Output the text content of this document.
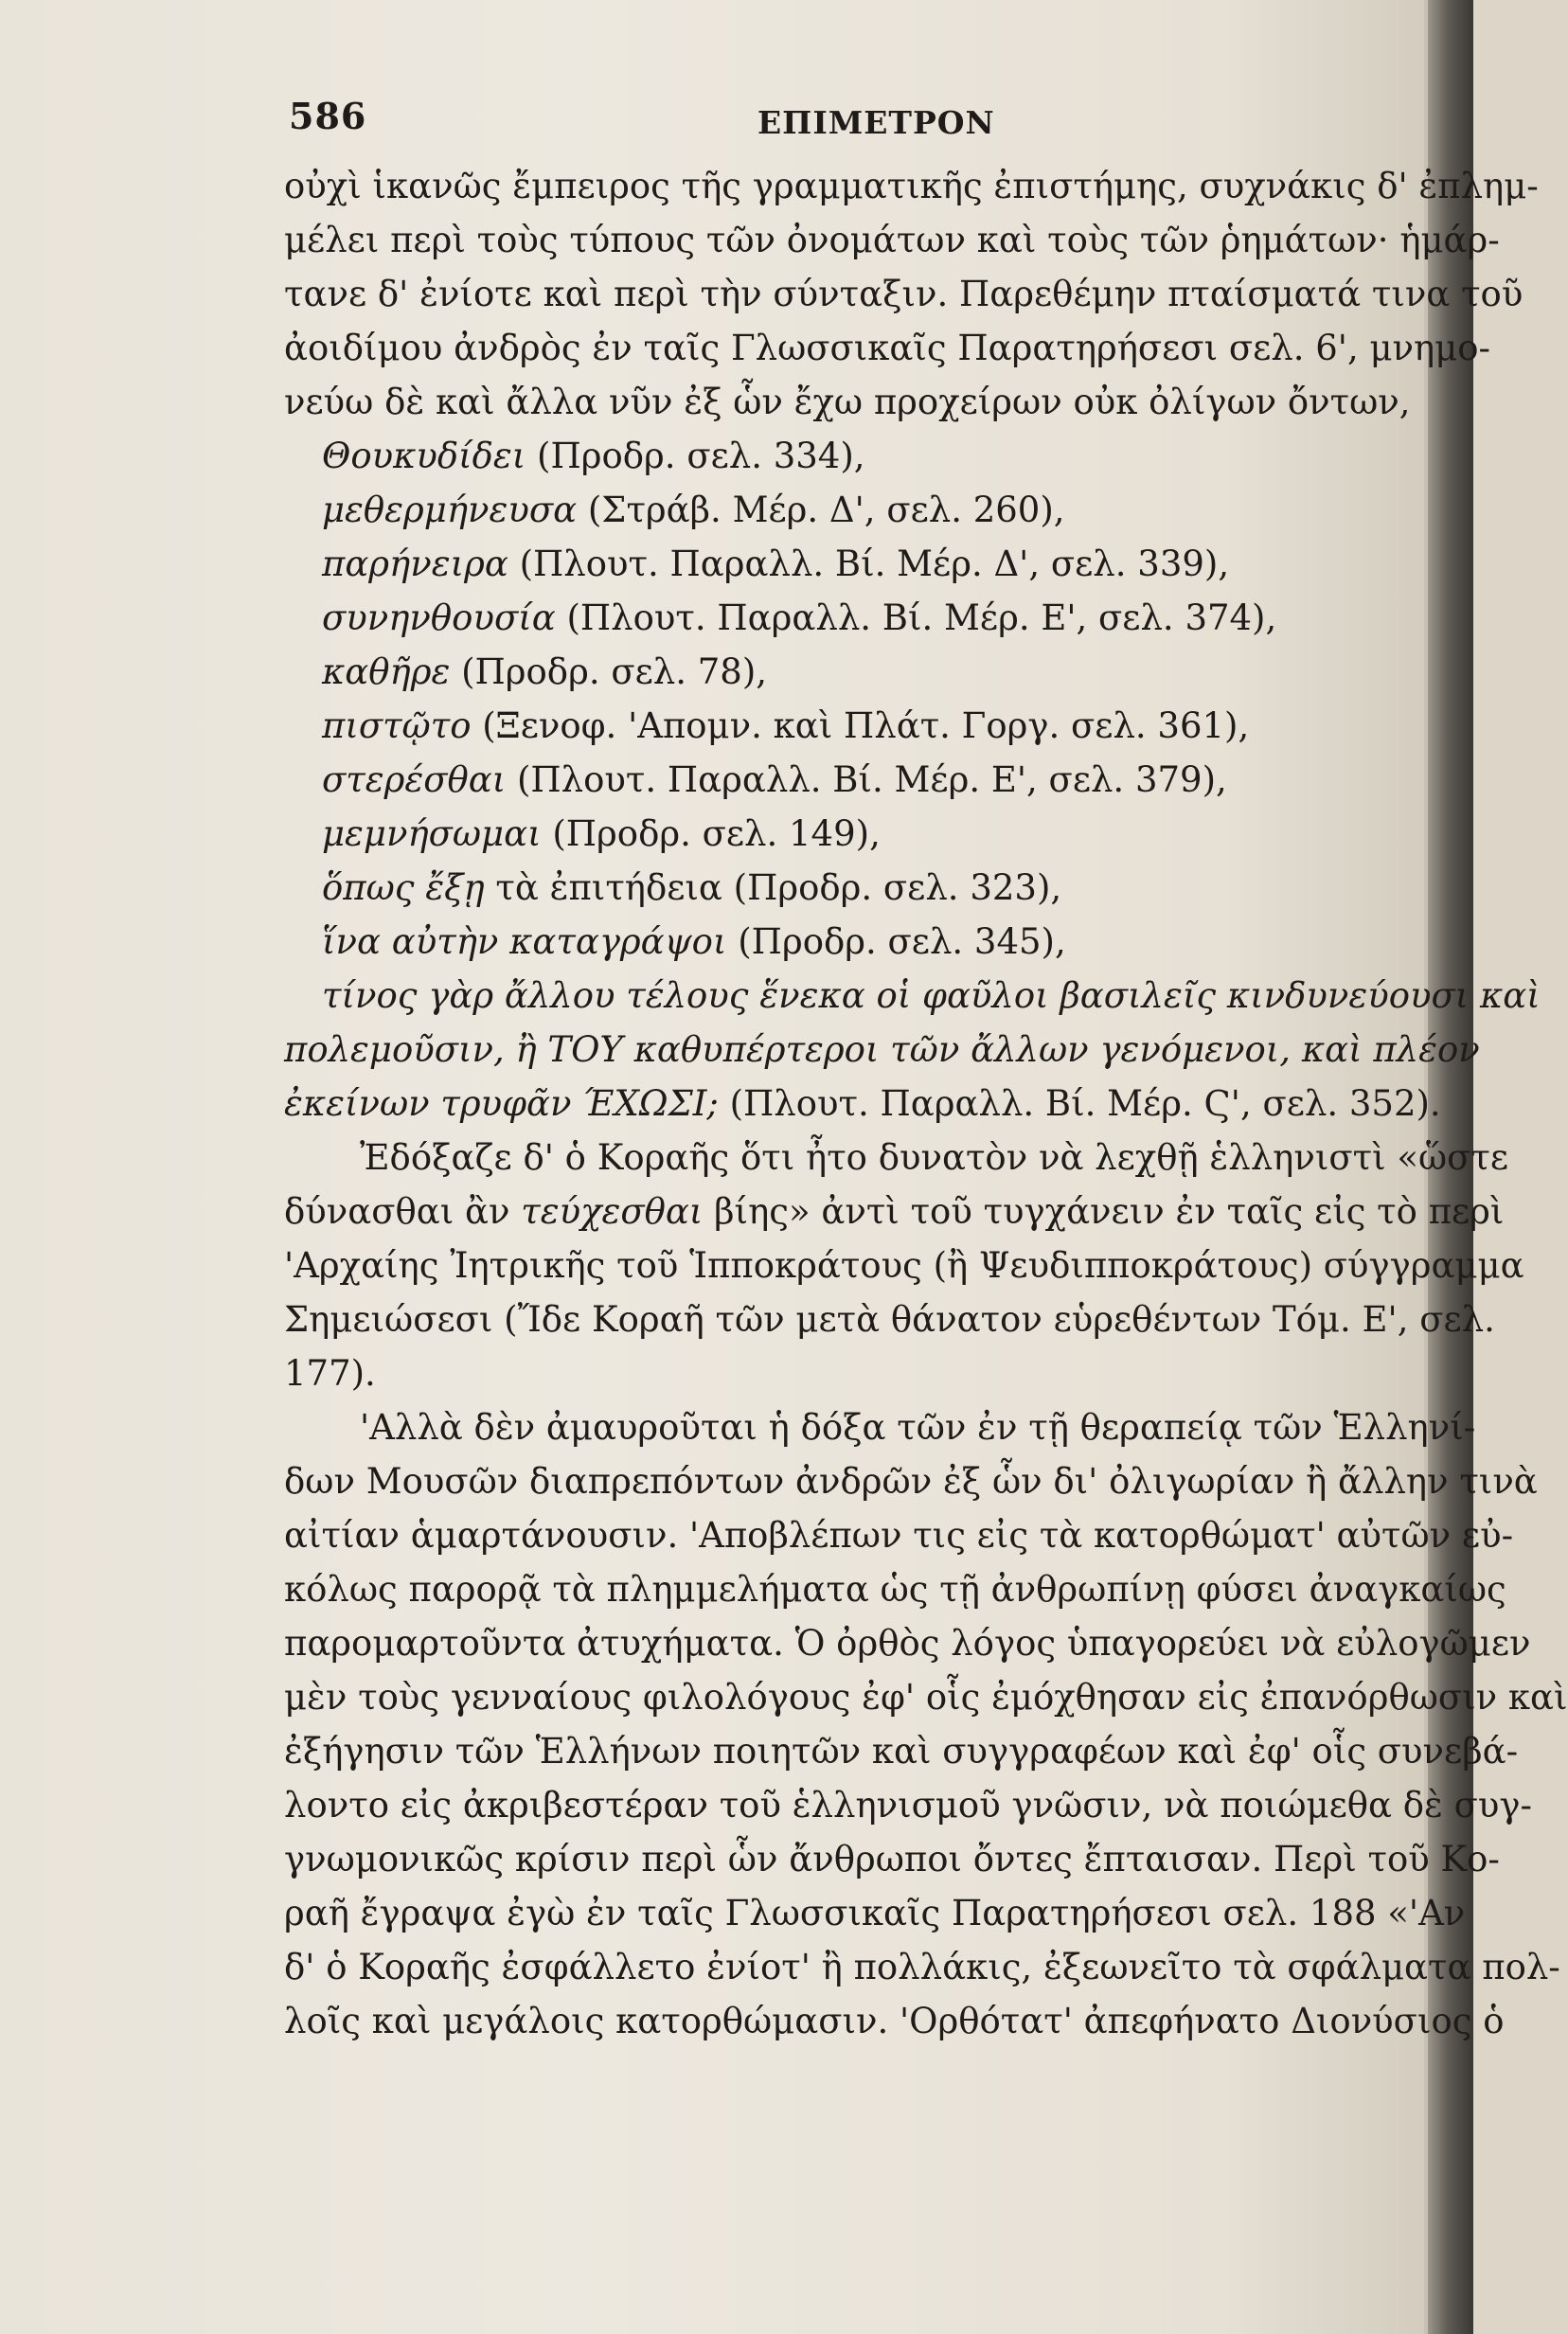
586	ΕΠΙΜΕΤΡΟΝ
οὐχὶ ἱκανῶς ἔμπειρος τῆς γραμματικῆς ἐπιστήμης, συχνάκις δ' ἐπλημ-
μέλει περὶ τοὺς τύπους τῶν ὀνομάτων καὶ τοὺς τῶν ῥημάτων· ἡμάρ-
τανε δ' ἐνίοτε καὶ περὶ τὴν σύνταξιν. Παρεθέμην πταίσματά τινα τοῦ
ἀοιδίμου ἀνδρὸς ἐν ταῖς Γλωσσικαῖς Παρατηρήσεσι σελ. 6', μνημο-
νεύω δὲ καὶ ἄλλα νῦν ἐξ ὧν ἔχω προχείρων οὐκ ὀλίγων ὄντων,
Θουκυδίδει (Προδρ. σελ. 334),
μεθερμήνευσα (Στράβ. Μέρ. Δ', σελ. 260),
παρήνειρα (Πλουτ. Παραλλ. Βί. Μέρ. Δ', σελ. 339),
συνηνθουσία (Πλουτ. Παραλλ. Βί. Μέρ. Ε', σελ. 374),
καθῆρε (Προδρ. σελ. 78),
πιστῷτο (Ξενοφ. 'Απομν. καὶ Πλάτ. Γοργ. σελ. 361),
στερέσθαι (Πλουτ. Παραλλ. Βί. Μέρ. Ε', σελ. 379),
μεμνήσωμαι (Προδρ. σελ. 149),
ὅπως ἔξῃ τὰ ἐπιτήδεια (Προδρ. σελ. 323),
ἵνα αὐτὴν καταγράψοι (Προδρ. σελ. 345),
τίνος γὰρ ἄλλου τέλους ἕνεκα οἱ φαῦλοι βασιλεῖς κινδυνεύουσι καὶ
πολεμοῦσιν, ἢ ΤΟΥ καθυπέρτεροι τῶν ἄλλων γενόμενοι, καὶ πλέον
ἐκείνων τρυφᾶν ΈΧΩΣΙ; (Πλουτ. Παραλλ. Βί. Μέρ. Ϛ', σελ. 352).
Ἐδόξαζε δ' ὁ Κοραῆς ὅτι ἦτο δυνατὸν νὰ λεχθῇ ἑλληνιστὶ «ὥστε
δύνασθαι ἂν τεύχεσθαι βίης» ἀντὶ τοῦ τυγχάνειν ἐν ταῖς εἰς τὸ περὶ
'Αρχαίης Ἰητρικῆς τοῦ Ἱπποκράτους (ἢ Ψευδιπποκράτους) σύγγραμμα
Σημειώσεσι (Ἴδε Κοραῆ τῶν μετὰ θάνατον εὑρεθέντων Τόμ. Ε', σελ.
177).
'Αλλὰ δὲν ἀμαυροῦται ἡ δόξα τῶν ἐν τῇ θεραπείᾳ τῶν Ἑλληνί-
δων Μουσῶν διαπρεπόντων ἀνδρῶν ἐξ ὧν δι' ὀλιγωρίαν ἢ ἄλλην τινὰ
αἰτίαν ἁμαρτάνουσιν. 'Αποβλέπων τις εἰς τὰ κατορθώματ' αὐτῶν εὐ-
κόλως παρορᾷ τὰ πλημμελήματα ὡς τῇ ἀνθρωπίνῃ φύσει ἀναγκαίως
παρομαρτοῦντα ἀτυχήματα. Ὁ ὀρθὸς λόγος ὑπαγορεύει νὰ εὐλογῶμεν
μὲν τοὺς γενναίους φιλολόγους ἐφ' οἷς ἐμόχθησαν εἰς ἐπανόρθωσιν καὶ
ἐξήγησιν τῶν Ἑλλήνων ποιητῶν καὶ συγγραφέων καὶ ἐφ' οἷς συνεβά-
λοντο εἰς ἀκριβεστέραν τοῦ ἑλληνισμοῦ γνῶσιν, νὰ ποιώμεθα δὲ συγ-
γνωμονικῶς κρίσιν περὶ ὧν ἄνθρωποι ὄντες ἔπταισαν. Περὶ τοῦ Κο-
ραῆ ἔγραψα ἐγὼ ἐν ταῖς Γλωσσικαῖς Παρατηρήσεσι σελ. 188 «'Αν
δ' ὁ Κοραῆς ἐσφάλλετο ἐνίοτ' ἢ πολλάκις, ἐξεωνεῖτο τὰ σφάλματα πολ-
λοῖς καὶ μεγάλοις κατορθώμασιν. 'Ορθότατ' ἀπεφήνατο Διονύσιος ὁ
